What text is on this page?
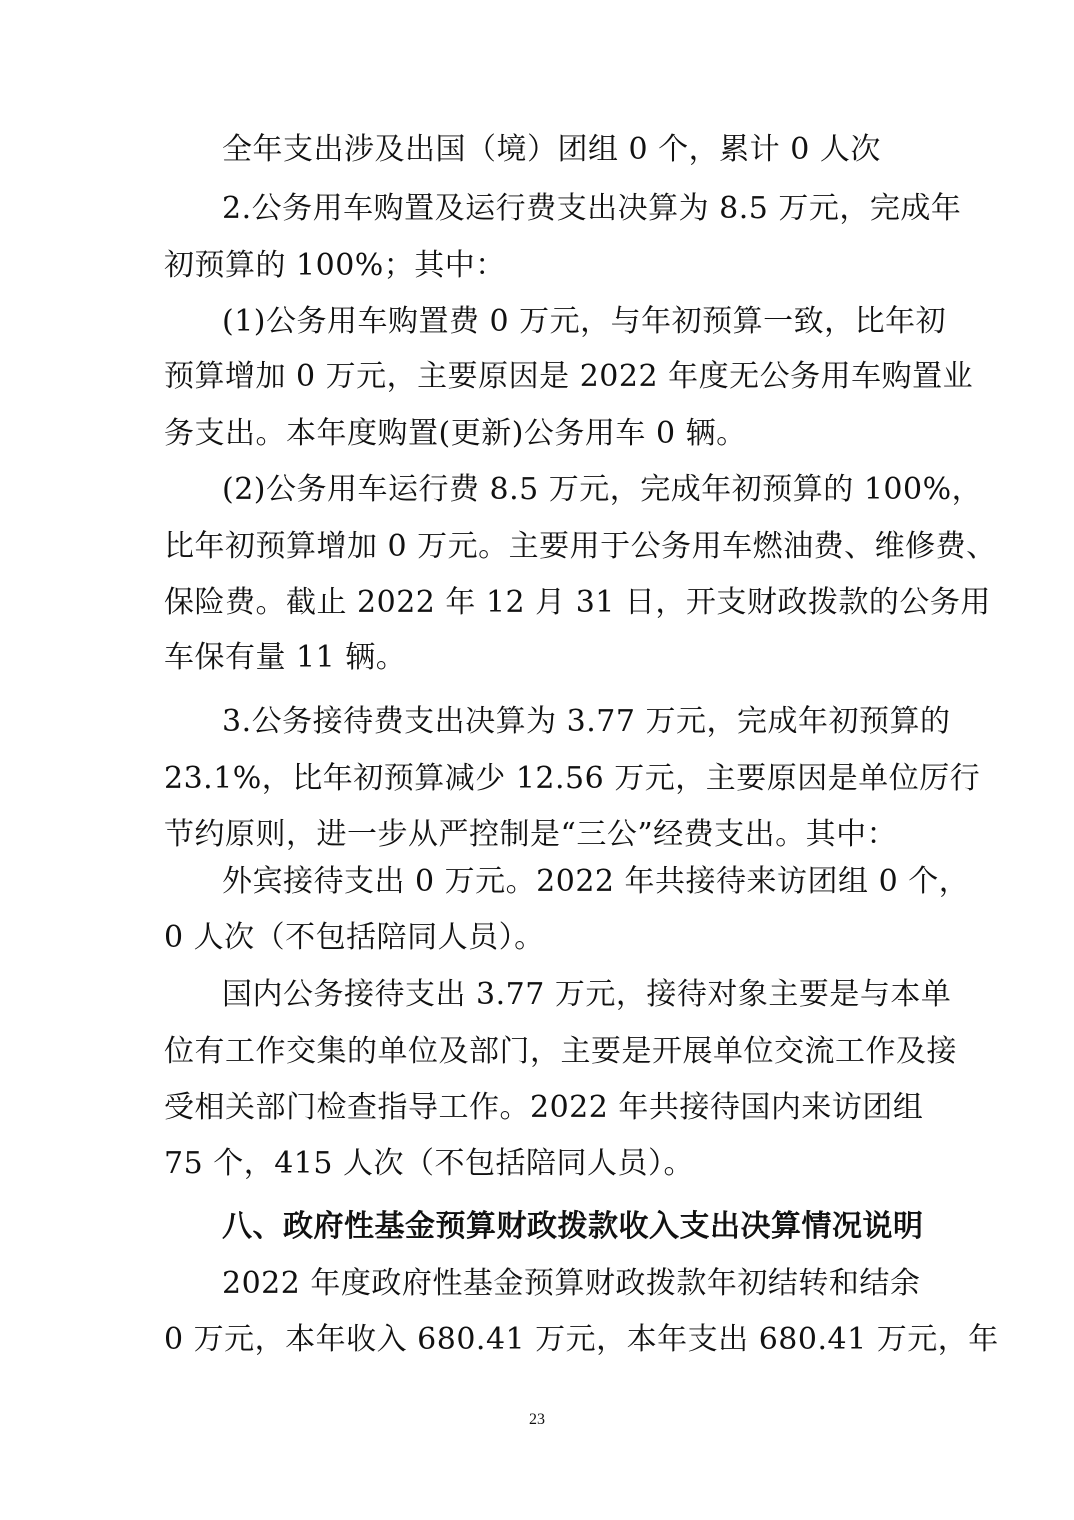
全年支出涉及出国（境）团组 0 个，累计 0 人次
2.公务用车购置及运行费支出决算为 8.5 万元，完成年
初预算的 100%；其中：
(1)公务用车购置费 0 万元，与年初预算一致，比年初
预算增加 0 万元，主要原因是 2022 年度无公务用车购置业
务支出。本年度购置(更新)公务用车 0 辆。
(2)公务用车运行费 8.5 万元，完成年初预算的 100%，
比年初预算增加 0 万元。主要用于公务用车燃油费、维修费、
保险费。截止 2022 年 12 月 31 日，开支财政拨款的公务用
车保有量 11 辆。
3.公务接待费支出决算为 3.77 万元，完成年初预算的
23.1%，比年初预算减少 12.56 万元，主要原因是单位厉行
节约原则，进一步从严控制是“三公”经费支出。其中：
外宾接待支出 0 万元。2022 年共接待来访团组 0 个，
0 人次（不包括陪同人员）。
国内公务接待支出 3.77 万元，接待对象主要是与本单
位有工作交集的单位及部门，主要是开展单位交流工作及接
受相关部门检查指导工作。2022 年共接待国内来访团组
75 个，415 人次（不包括陪同人员）。
八、政府性基金预算财政拨款收入支出决算情况说明
2022 年度政府性基金预算财政拨款年初结转和结余
0 万元，本年收入 680.41 万元，本年支出 680.41 万元，年
23
